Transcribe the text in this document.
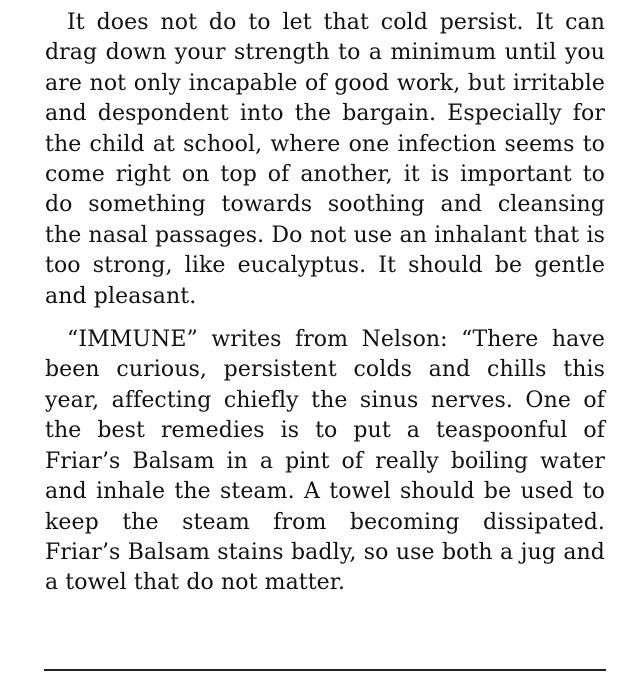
It does not do to let that cold persist. It can drag down your strength to a minimum until you are not only incapable of good work, but irritable and despondent into the bargain. Especially for the child at school, where one infection seems to come right on top of another, it is important to do something towards soothing and cleansing the nasal passages. Do not use an inhalant that is too strong, like eucalyptus. It should be gentle and pleasant.

“IMMUNE” writes from Nelson: “There have been curious, persistent colds and chills this year, affecting chiefly the sinus nerves. One of the best remedies is to put a teaspoonful of Friar’s Balsam in a pint of really boiling water and inhale the steam. A towel should be used to keep the steam from becoming dissipated. Friar’s Balsam stains badly, so use both a jug and a towel that do not matter.
